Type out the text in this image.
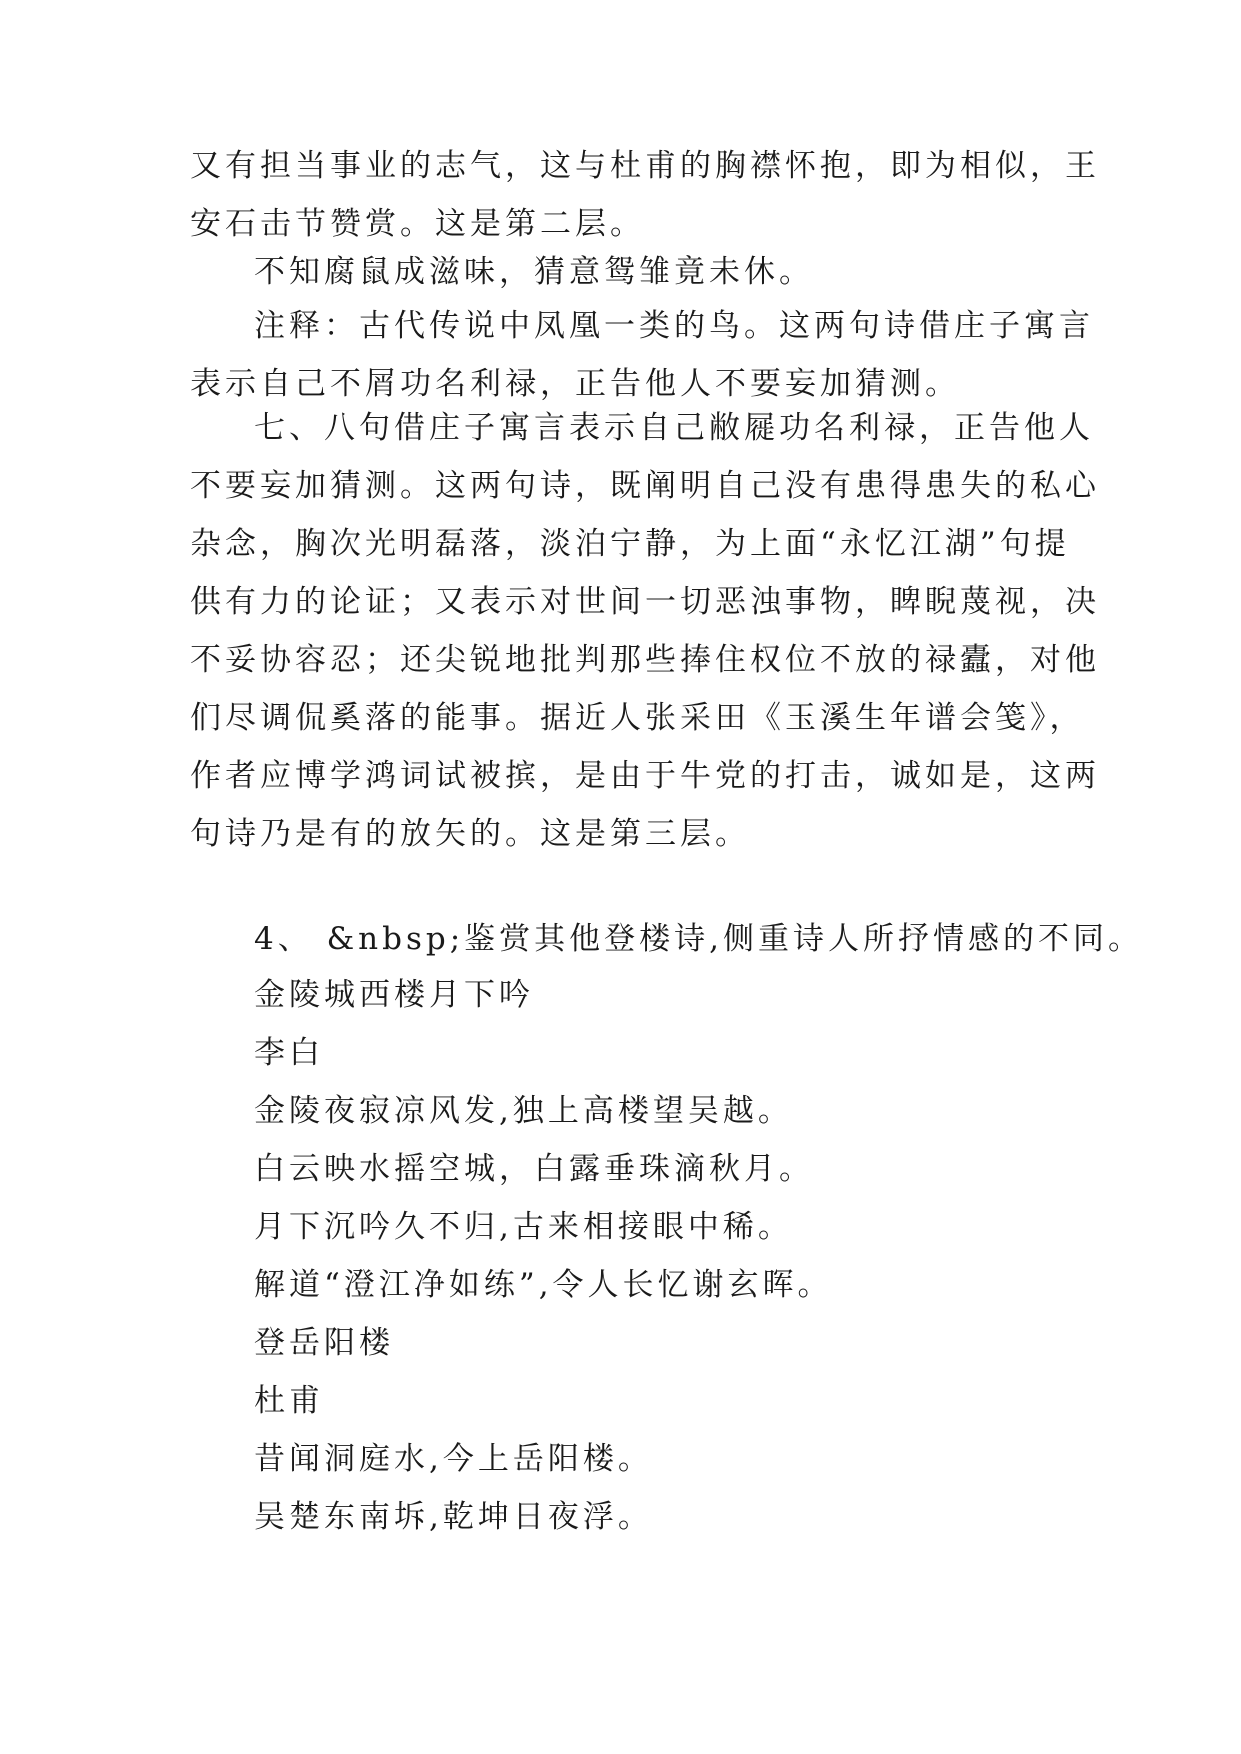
又有担当事业的志气，这与杜甫的胸襟怀抱，即为相似，王
安石击节赞赏。这是第二层。
不知腐鼠成滋味，猜意鸳雏竟未休。
注释：古代传说中凤凰一类的鸟。这两句诗借庄子寓言
表示自己不屑功名利禄，正告他人不要妄加猜测。
七、八句借庄子寓言表示自己敝屣功名利禄，正告他人
不要妄加猜测。这两句诗，既阐明自己没有患得患失的私心
杂念，胸次光明磊落，淡泊宁静，为上面“永忆江湖”句提
供有力的论证；又表示对世间一切恶浊事物，睥睨蔑视，决
不妥协容忍；还尖锐地批判那些捧住权位不放的禄蠹，对他
们尽调侃奚落的能事。据近人张采田《玉溪生年谱会笺》，
作者应博学鸿词试被摈，是由于牛党的打击，诚如是，这两
句诗乃是有的放矢的。这是第三层。
4、 &nbsp;鉴赏其他登楼诗,侧重诗人所抒情感的不同。
金陵城西楼月下吟
李白
金陵夜寂凉风发,独上高楼望吴越。
白云映水摇空城，白露垂珠滴秋月。
月下沉吟久不归,古来相接眼中稀。
解道“澄江净如练”,令人长忆谢玄晖。
登岳阳楼
杜甫
昔闻洞庭水,今上岳阳楼。
吴楚东南坼,乾坤日夜浮。
